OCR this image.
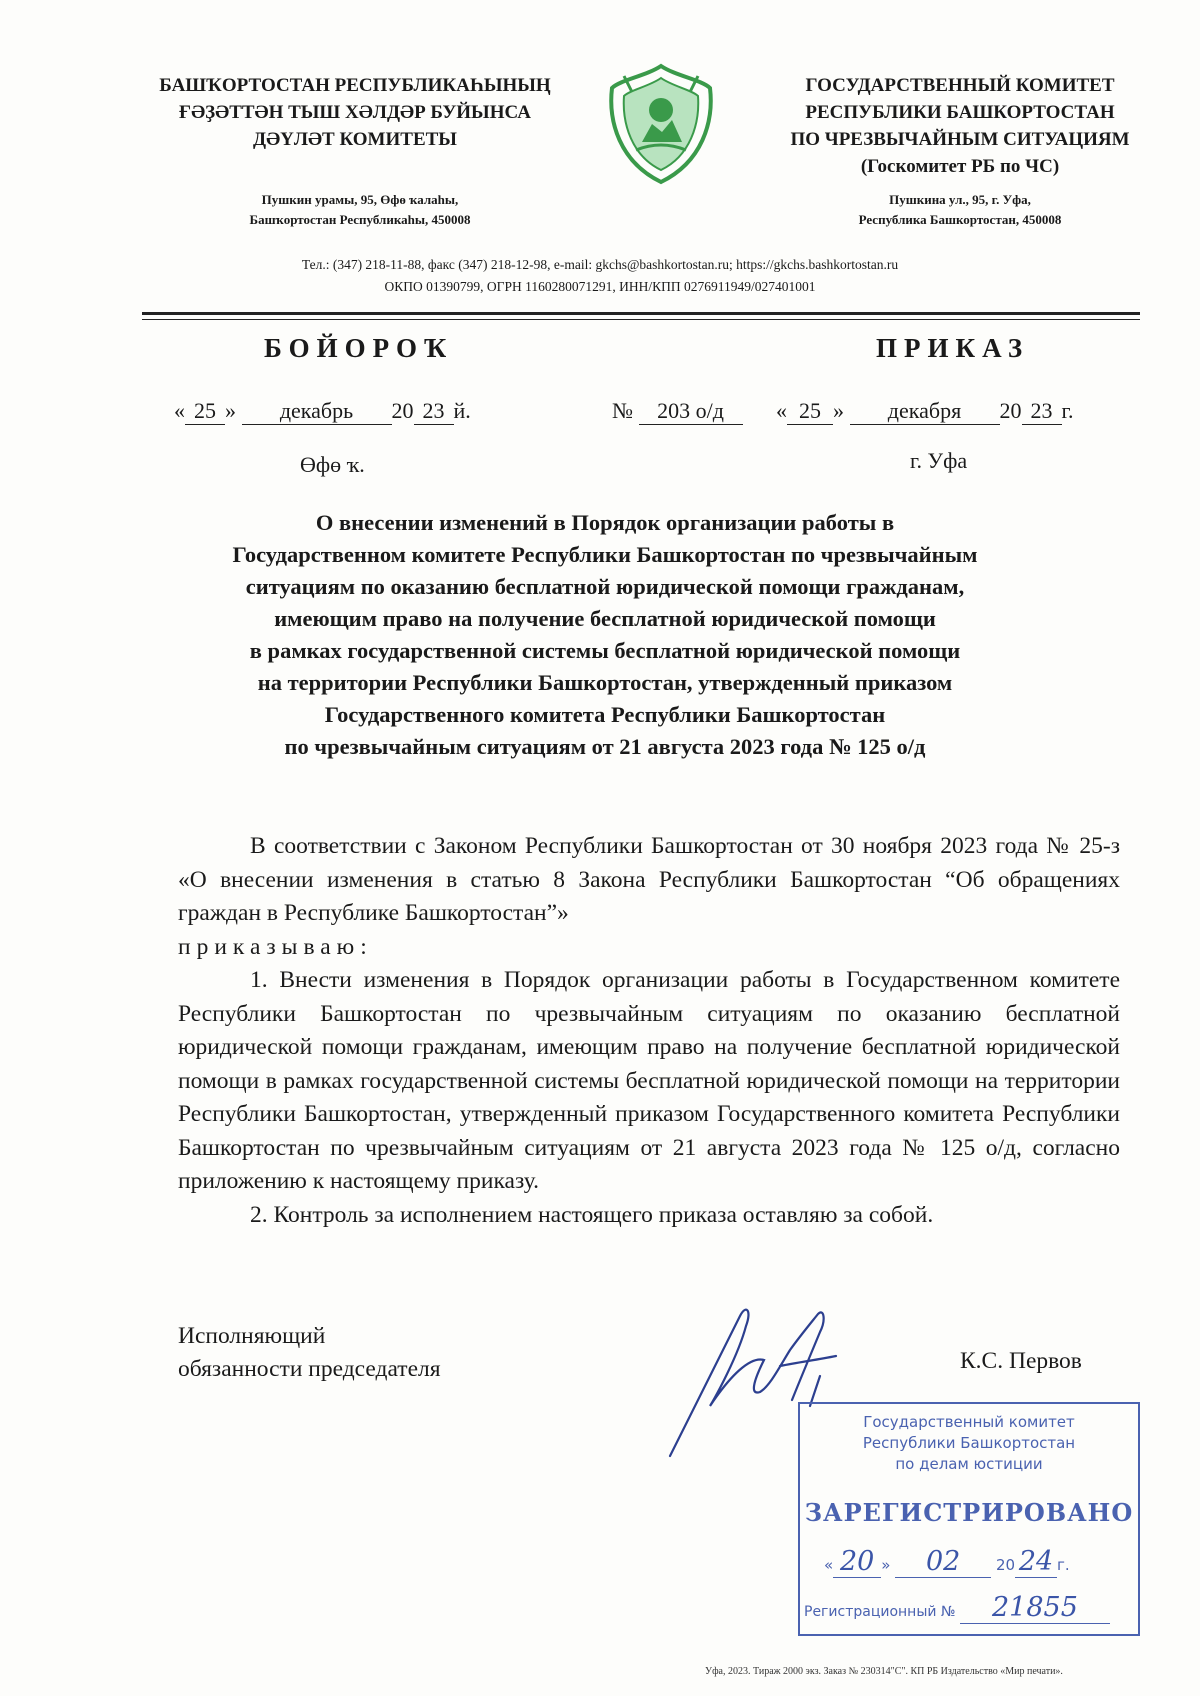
БАШҠОРТОСТАН РЕСПУБЛИКАҺЫНЫҢ
ҒӘҘӘТТӘН ТЫШ ХӘЛДӘР БУЙЫНСА
ДӘҮЛӘТ КОМИТЕТЫ
Пушкин урамы, 95, Өфө ҡалаһы,
Башҡортостан Республикаһы, 450008
ГОСУДАРСТВЕННЫЙ КОМИТЕТ
РЕСПУБЛИКИ БАШКОРТОСТАН
ПО ЧРЕЗВЫЧАЙНЫМ СИТУАЦИЯМ
(Госкомитет РБ по ЧС)
Пушкина ул., 95, г. Уфа,
Республика Башкортостан, 450008
Тел.: (347) 218-11-88, факс (347) 218-12-98, e-mail: gkchs@bashkortostan.ru; https://gkchs.bashkortostan.ru
ОКПО 01390799, ОГРН 1160280071291, ИНН/КПП 0276911949/027401001
БОЙОРОҠ	ПРИКАЗ
« 25 » декабрь 20 23 й.	№ 203 о/д	« 25 » декабря 20 23 г.
Өфө ҡ.	г. Уфа
О внесении изменений в Порядок организации работы в
Государственном комитете Республики Башкортостан по чрезвычайным
ситуациям по оказанию бесплатной юридической помощи гражданам,
имеющим право на получение бесплатной юридической помощи
в рамках государственной системы бесплатной юридической помощи
на территории Республики Башкортостан, утвержденный приказом
Государственного комитета Республики Башкортостан
по чрезвычайным ситуациям от 21 августа 2023 года № 125 о/д

В соответствии с Законом Республики Башкортостан от 30 ноября 2023 года № 25-з «О внесении изменения в статью 8 Закона Республики Башкортостан “Об обращениях граждан в Республике Башкортостан”»

приказываю:

1. Внести изменения в Порядок организации работы в Государственном комитете Республики Башкортостан по чрезвычайным ситуациям по оказанию бесплатной юридической помощи гражданам, имеющим право на получение бесплатной юридической помощи в рамках государственной системы бесплатной юридической помощи на территории Республики Башкортостан, утвержденный приказом Государственного комитета Республики Башкортостан по чрезвычайным ситуациям от 21 августа 2023 года № 125 о/д, согласно приложению к настоящему приказу.

2. Контроль за исполнением настоящего приказа оставляю за собой.

Исполняющий
обязанности председателя	К.С. Первов
Государственный комитет
Республики Башкортостан
по делам юстиции
ЗАРЕГИСТРИРОВАНО
« 20 » 02 20 24 г.
Регистрационный № 21855
Уфа, 2023. Тираж 2000 экз. Заказ № 230314"С". КП РБ Издательство «Мир печати».
